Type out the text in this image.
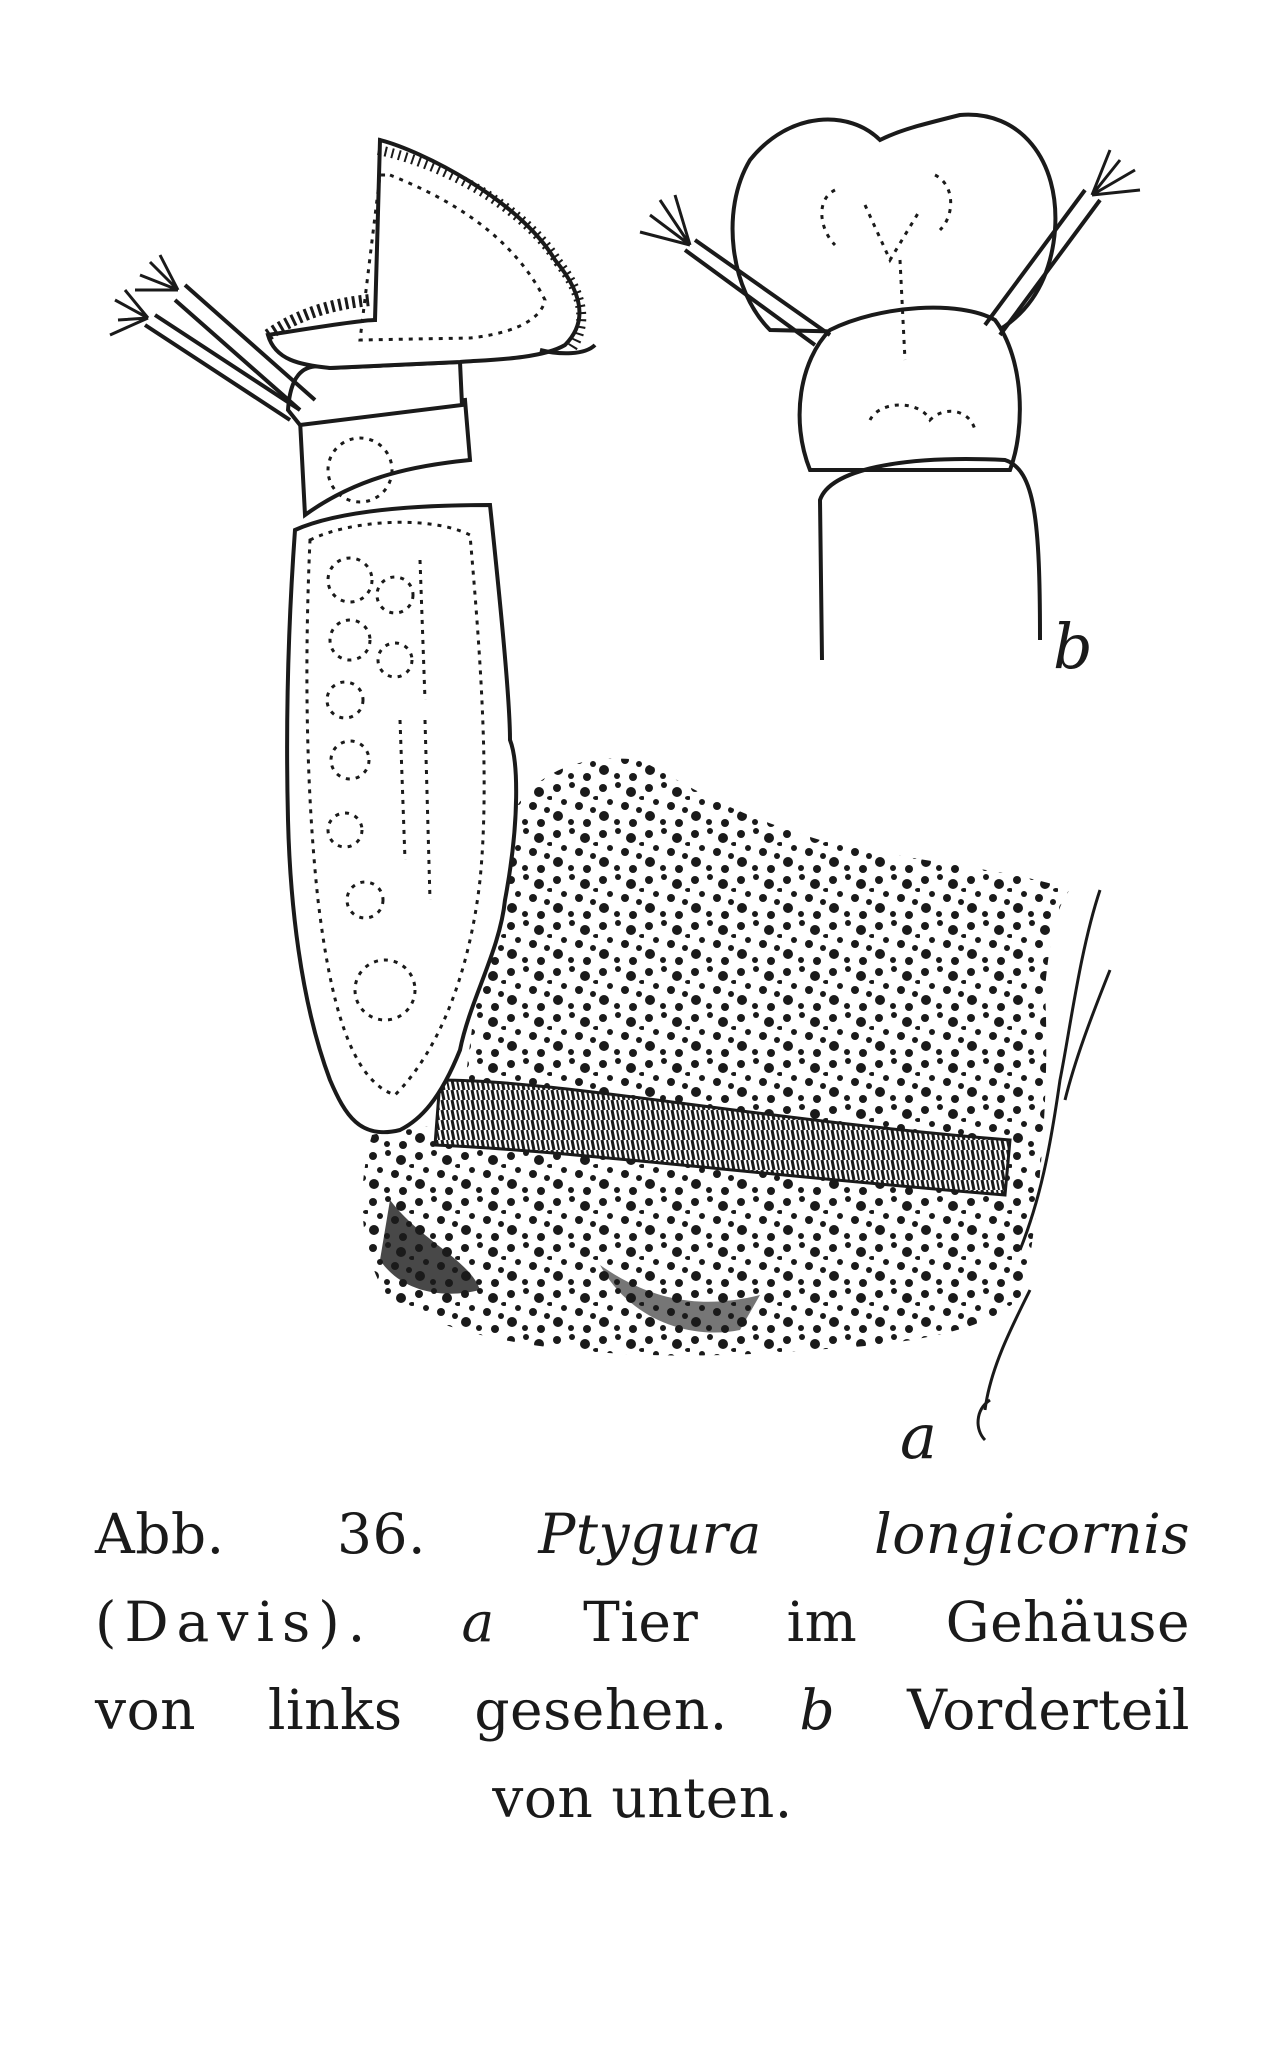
a
b
Abb. 36. Ptygura longicornis
(Davis). a Tier im Gehäuse
von links gesehen. b Vorderteil
von unten.
